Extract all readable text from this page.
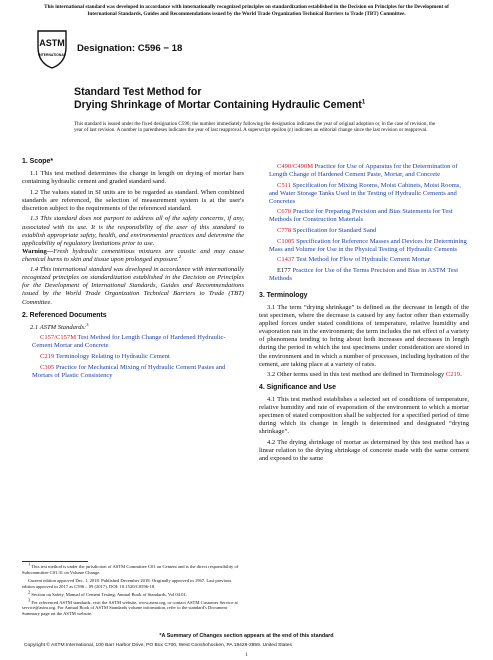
This international standard was developed in accordance with internationally recognized principles on standardization established in the Decision on Principles for the Development of International Standards, Guides and Recommendations issued by the World Trade Organization Technical Barriers to Trade (TBT) Committee.
ASTM
INTERNATIONAL
Designation: C596 − 18
Standard Test Method for
Drying Shrinkage of Mortar Containing Hydraulic Cement$^1$
This standard is issued under the fixed designation C596; the number immediately following the designation indicates the year of original adoption or, in the case of revision, the year of last revision. A number in parentheses indicates the year of last reapproval. A superscript epsilon (ε) indicates an editorial change since the last revision or reapproval.
1. Scope*

1.1 This test method determines the change in length on drying of mortar bars containing hydraulic cement and graded standard sand.

1.2 The values stated in SI units are to be regarded as standard. When combined standards are referenced, the selection of measurement system is at the user's discretion subject to the requirements of the referenced standard.

1.3 This standard does not purport to address all of the safety concerns, if any, associated with its use. It is the responsibility of the user of this standard to establish appropriate safety, health, and environmental practices and determine the applicability of regulatory limitations prior to use.
Warning—Fresh hydraulic cementitious mixtures are caustic and may cause chemical burns to skin and tissue upon prolonged exposure.$^2$

1.4 This international standard was developed in accordance with internationally recognized principles on standardization established in the Decision on Principles for the Development of International Standards, Guides and Recommendations issued by the World Trade Organization Technical Barriers to Trade (TBT) Committee.

2. Referenced Documents

2.1 ASTM Standards:$^3$

C157/C157M Test Method for Length Change of Hardened Hydraulic-Cement Mortar and Concrete

C219 Terminology Relating to Hydraulic Cement

C305 Practice for Mechanical Mixing of Hydraulic Cement Pastes and Mortars of Plastic Consistency

$^1$ This test method is under the jurisdiction of ASTM Committee C01 on Cement and is the direct responsibility of Subcommittee C01.31 on Volume Change.

Current edition approved Dec. 1, 2018. Published December 2018. Originally approved in 1967. Last previous edition approved in 2017 as C596 – 09 (2017). DOI: 10.1520/C0596-18.

$^2$ Section on Safety, Manual of Cement Testing, Annual Book of Standards, Vol 04.01.

$^3$ For referenced ASTM standards, visit the ASTM website, www.astm.org, or contact ASTM Customer Service at service@astm.org. For Annual Book of ASTM Standards volume information, refer to the standard's Document Summary page on the ASTM website.

C490/C490M Practice for Use of Apparatus for the Determination of Length Change of Hardened Cement Paste, Mortar, and Concrete

C511 Specification for Mixing Rooms, Moist Cabinets, Moist Rooms, and Water Storage Tanks Used in the Testing of Hydraulic Cements and Concretes

C670 Practice for Preparing Precision and Bias Statements for Test Methods for Construction Materials

C778 Specification for Standard Sand

C1005 Specification for Reference Masses and Devices for Determining Mass and Volume for Use in the Physical Testing of Hydraulic Cements

C1437 Test Method for Flow of Hydraulic Cement Mortar

E177 Practice for Use of the Terms Precision and Bias in ASTM Test Methods

3. Terminology

3.1 The term “drying shrinkage” is defined as the decrease in length of the test specimen, where the decrease is caused by any factor other than externally applied forces under stated conditions of temperature, relative humidity and evaporation rate in the environment; the term includes the net effect of a variety of phenomena tending to bring about both increases and decreases in length during the period in which the test specimens under consideration are stored in the environment and in which a number of processes, including hydration of the cement, are taking place at a variety of rates.

3.2 Other terms used in this test method are defined in Terminology C219.

4. Significance and Use

4.1 This test method establishes a selected set of conditions of temperature, relative humidity and rate of evaporation of the environment to which a mortar specimen of stated composition shall be subjected for a specified period of time during which its change in length is determined and designated “drying shrinkage”.

4.2 The drying shrinkage of mortar as determined by this test method has a linear relation to the drying shrinkage of concrete made with the same cement and exposed to the same

*A Summary of Changes section appears at the end of this standard
Copyright © ASTM International, 100 Barr Harbor Drive, PO Box C700, West Conshohocken, PA 19428-2959. United States
1
